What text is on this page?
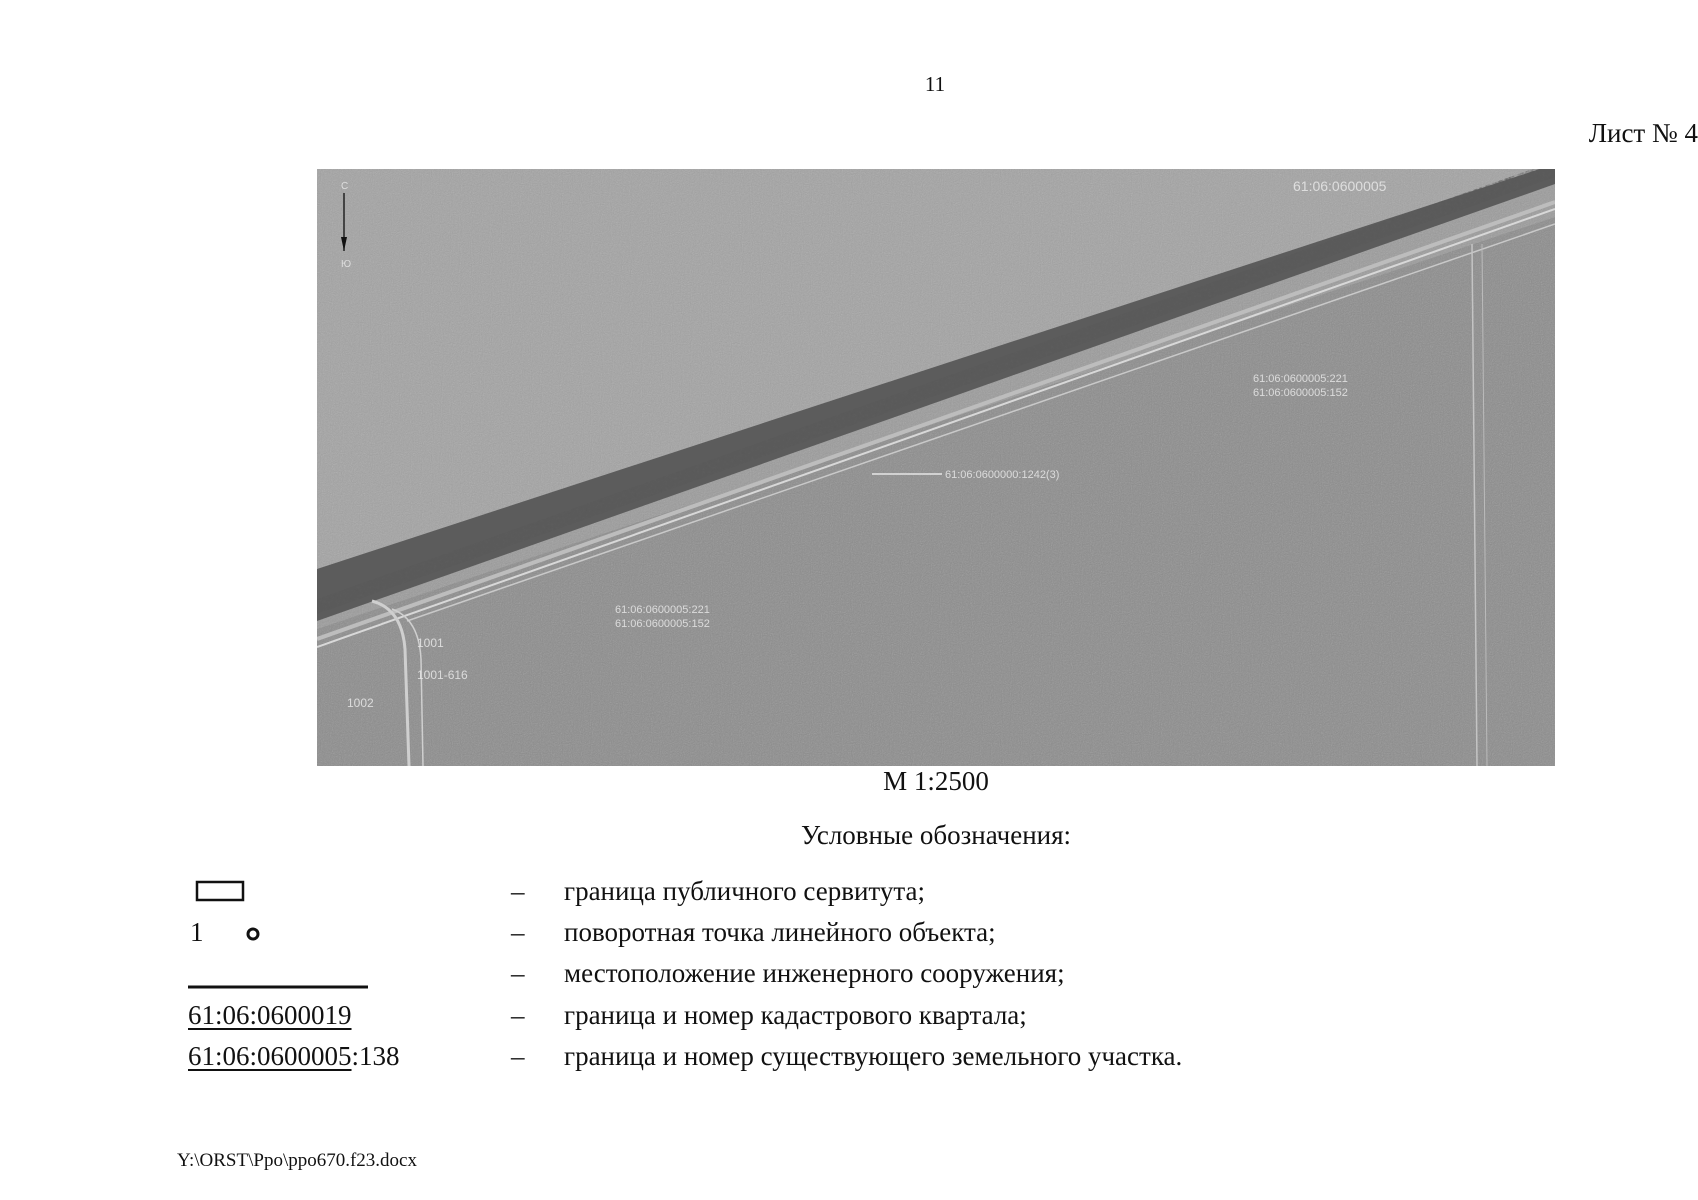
11
Лист № 4
С
Ю
61:06:0600005
61:06:0600005:221
61:06:0600005:152
61:06:0600000:1242(3)
61:06:0600005:221
61:06:0600005:152
1001
1001-616
1002
М 1:2500
Условные обозначения:
– граница публичного сервитута;
1	– поворотная точка линейного объекта;
– местоположение инженерного сооружения;
61:06:0600019	– граница и номер кадастрового квартала;
61:06:0600005:138	– граница и номер существующего земельного участка.
Y:\ORST\Ppo\ppo670.f23.docx
